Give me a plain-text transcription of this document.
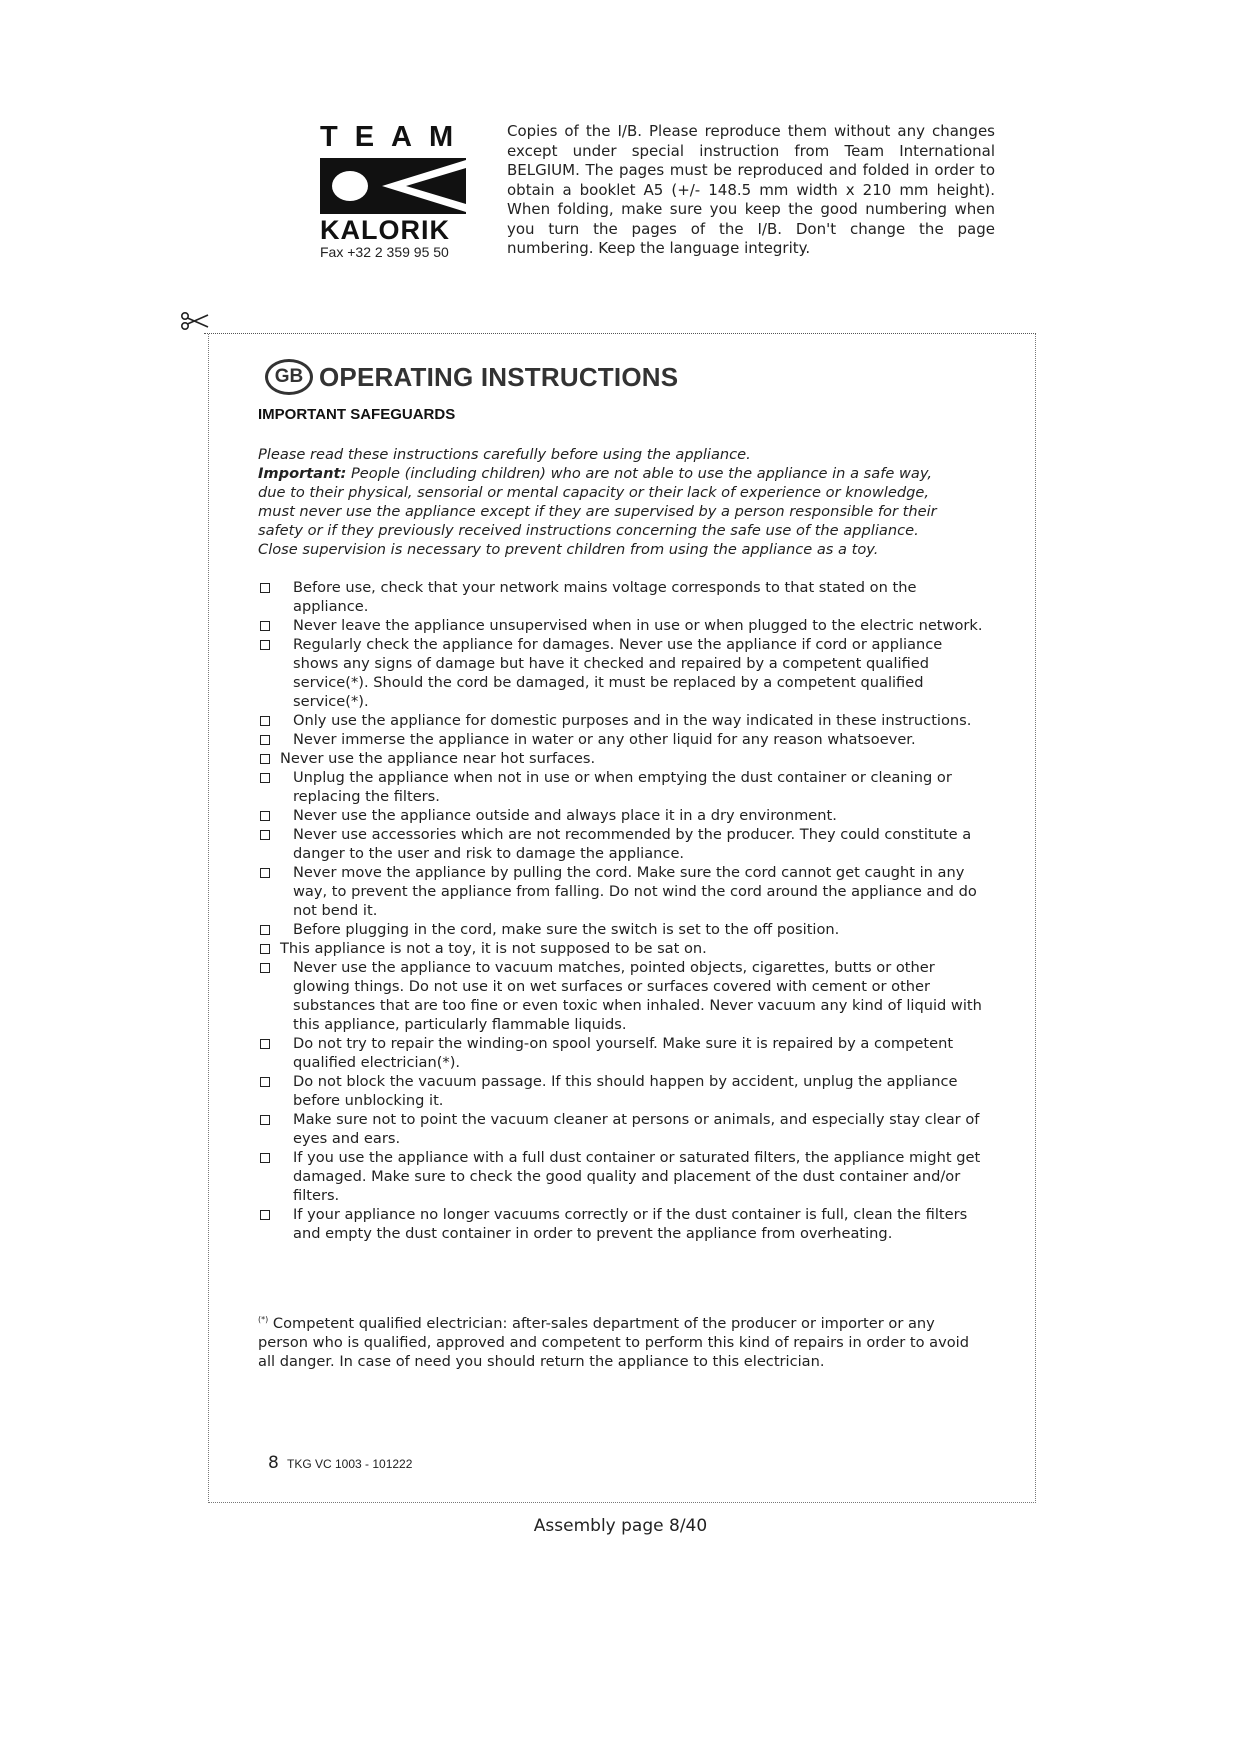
TEAM
KALORIK
Fax +32 2 359 95 50
Copies of the I/B. Please reproduce them without any changes except under special instruction from Team International BELGIUM. The pages must be reproduced and folded in order to obtain a booklet A5 (+/- 148.5 mm width x 210 mm height). When folding, make sure you keep the good numbering when you turn the pages of the I/B. Don't change the page numbering. Keep the language integrity.
GB OPERATING INSTRUCTIONS
IMPORTANT SAFEGUARDS

Please read these instructions carefully before using the appliance.

Important: People (including children) who are not able to use the appliance in a safe way, due to their physical, sensorial or mental capacity or their lack of experience or knowledge, must never use the appliance except if they are supervised by a person responsible for their safety or if they previously received instructions concerning the safe use of the appliance. Close supervision is necessary to prevent children from using the appliance as a toy.

Before use, check that your network mains voltage corresponds to that stated on the appliance.
Never leave the appliance unsupervised when in use or when plugged to the electric network.
Regularly check the appliance for damages. Never use the appliance if cord or appliance shows any signs of damage but have it checked and repaired by a competent qualified service(*). Should the cord be damaged, it must be replaced by a competent qualified service(*).
Only use the appliance for domestic purposes and in the way indicated in these instructions.
Never immerse the appliance in water or any other liquid for any reason whatsoever.
Never use the appliance near hot surfaces.
Unplug the appliance when not in use or when emptying the dust container or cleaning or replacing the filters.
Never use the appliance outside and always place it in a dry environment.
Never use accessories which are not recommended by the producer. They could constitute a danger to the user and risk to damage the appliance.
Never move the appliance by pulling the cord. Make sure the cord cannot get caught in any way, to prevent the appliance from falling. Do not wind the cord around the appliance and do not bend it.
Before plugging in the cord, make sure the switch is set to the off position.
This appliance is not a toy, it is not supposed to be sat on.
Never use the appliance to vacuum matches, pointed objects, cigarettes, butts or other glowing things. Do not use it on wet surfaces or surfaces covered with cement or other substances that are too fine or even toxic when inhaled. Never vacuum any kind of liquid with this appliance, particularly flammable liquids.
Do not try to repair the winding-on spool yourself. Make sure it is repaired by a competent qualified electrician(*).
Do not block the vacuum passage. If this should happen by accident, unplug the appliance before unblocking it.
Make sure not to point the vacuum cleaner at persons or animals, and especially stay clear of eyes and ears.
If you use the appliance with a full dust container or saturated filters, the appliance might get damaged. Make sure to check the good quality and placement of the dust container and/or filters.
If your appliance no longer vacuums correctly or if the dust container is full, clean the filters and empty the dust container in order to prevent the appliance from overheating.
(*) Competent qualified electrician: after-sales department of the producer or importer or any person who is qualified, approved and competent to perform this kind of repairs in order to avoid all danger. In case of need you should return the appliance to this electrician.
8 TKG VC 1003 - 101222
Assembly page 8/40
